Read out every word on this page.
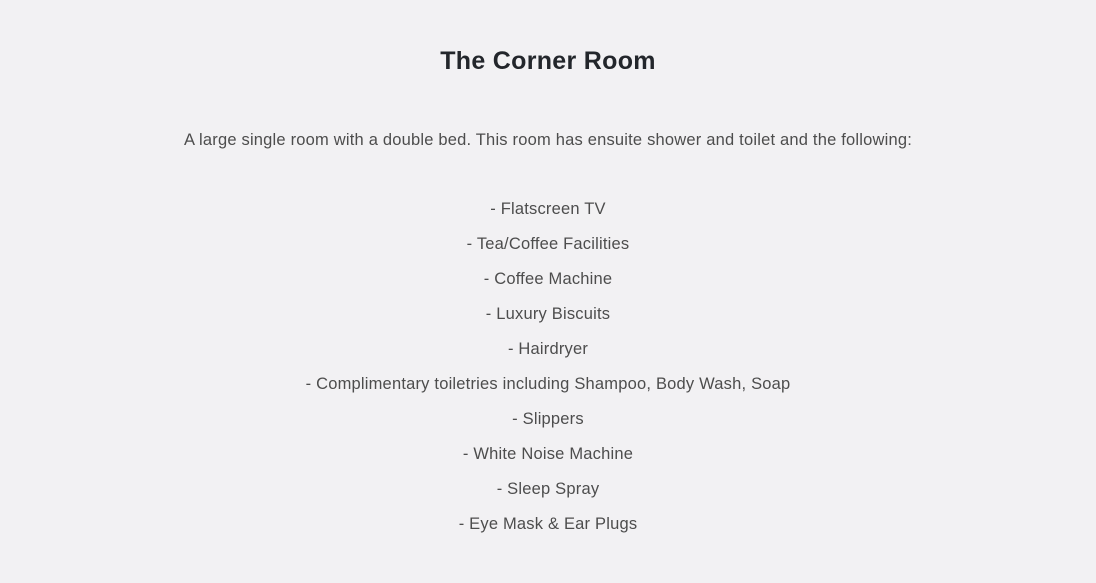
The Corner Room

A large single room with a double bed. This room has ensuite shower and toilet and the following:

- Flatscreen TV
- Tea/Coffee Facilities
- Coffee Machine
- Luxury Biscuits
- Hairdryer
- Complimentary toiletries including Shampoo, Body Wash, Soap
- Slippers
- White Noise Machine
- Sleep Spray
- Eye Mask & Ear Plugs
